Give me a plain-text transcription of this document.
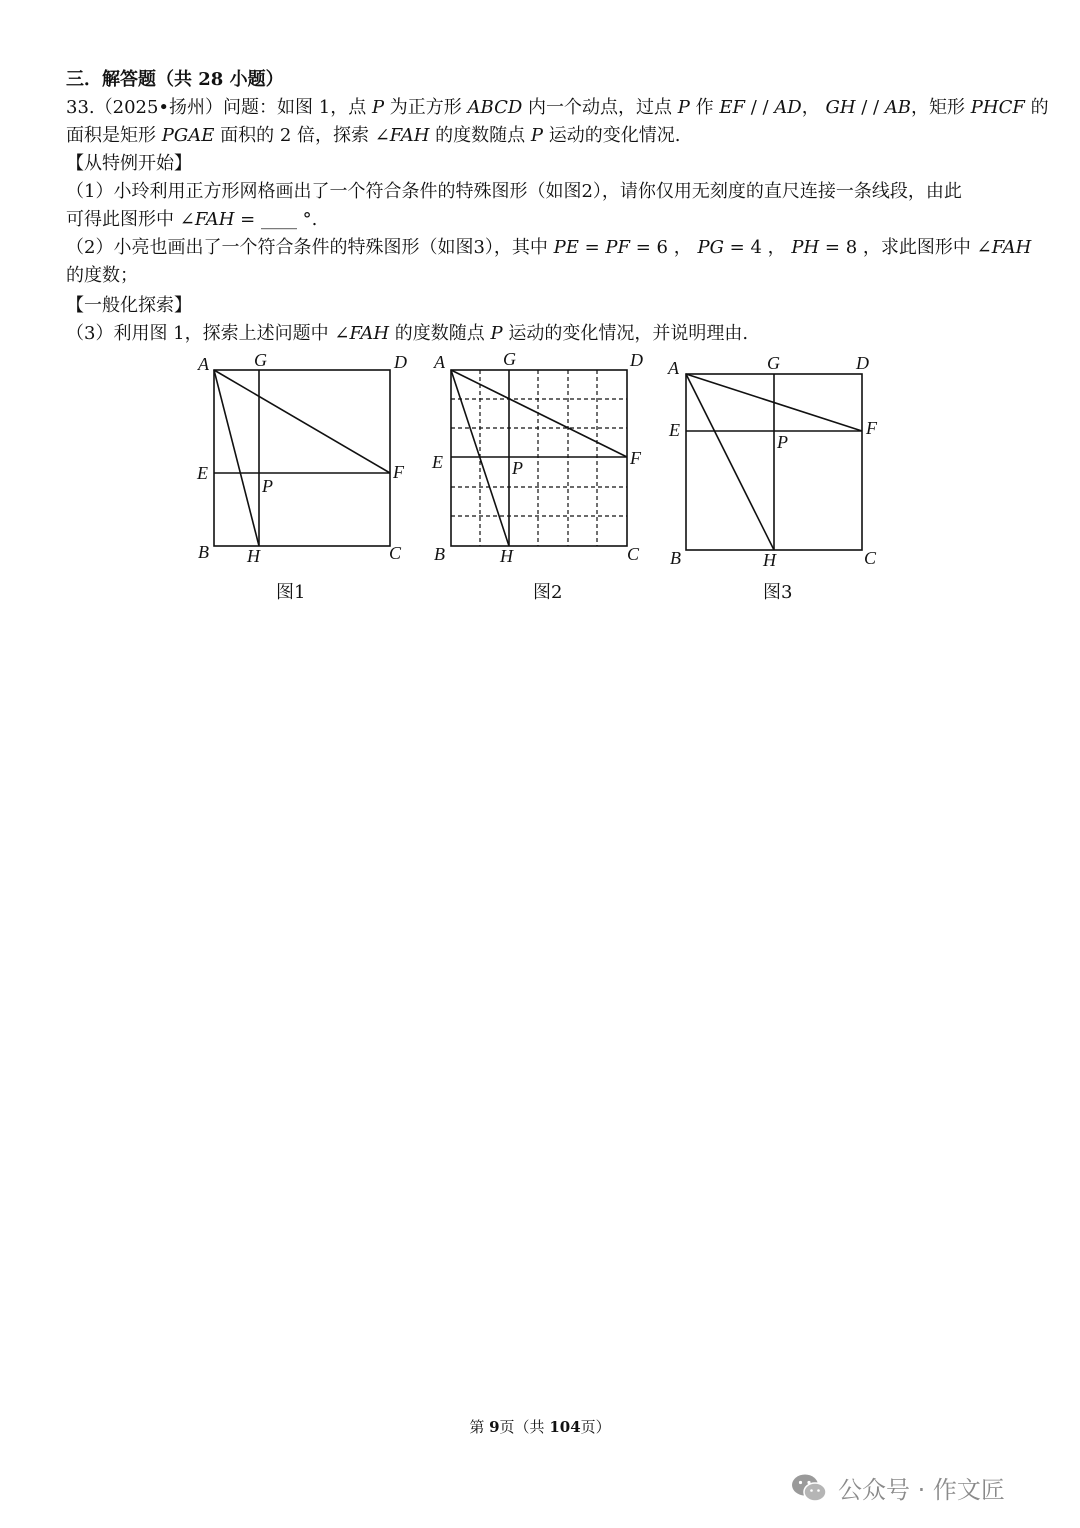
三．解答题（共 28 小题）
33.（2025•扬州）问题：如图 1，点 P 为正方形 ABCD 内一个动点，过点 P 作 EF / / AD， GH / / AB，矩形 PHCF 的
面积是矩形 PGAE 面积的 2 倍，探索 ∠FAH 的度数随点 P 运动的变化情况.
【从特例开始】
（1）小玲利用正方形网格画出了一个符合条件的特殊图形（如图2），请你仅用无刻度的直尺连接一条线段，由此
可得此图形中 ∠FAH = ____ °.
（2）小亮也画出了一个符合条件的特殊图形（如图3），其中 PE = PF = 6 ， PG = 4 ， PH = 8 ，求此图形中 ∠FAH
的度数；
【一般化探索】
（3）利用图 1，探索上述问题中 ∠FAH 的度数随点 P 运动的变化情况，并说明理由.
A	G	D
E
P
F
B H	C
图1
A	G	D
E	P	F
B	H	C
图2
A	G	D
E
P
F
B	H	C
图3
第 9页（共 104页）
公众号 · 作文匠
